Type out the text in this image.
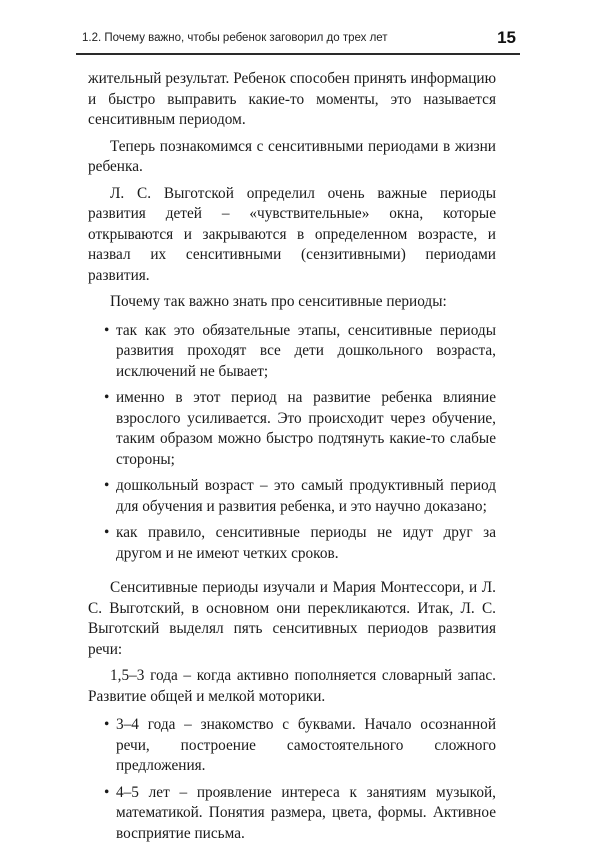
1.2. Почему важно, чтобы ребенок заговорил до трех лет	15

жительный результат. Ребенок способен принять информацию и быстро выправить какие-то моменты, это называется сенситивным периодом.

Теперь познакомимся с сенситивными периодами в жизни ребенка.

Л. С. Выготской определил очень важные периоды развития детей – «чувствительные» окна, которые открываются и закрываются в определенном возрасте, и назвал их сенситивными (сензитивными) периодами развития.

Почему так важно знать про сенситивные периоды:

• так как это обязательные этапы, сенситивные периоды развития проходят все дети дошкольного возраста, исключений не бывает;
• именно в этот период на развитие ребенка влияние взрослого усиливается. Это происходит через обучение, таким образом можно быстро подтянуть какие-то слабые стороны;
• дошкольный возраст – это самый продуктивный период для обучения и развития ребенка, и это научно доказано;
• как правило, сенситивные периоды не идут друг за другом и не имеют четких сроков.

Сенситивные периоды изучали и Мария Монтессори, и Л. С. Выготский, в основном они перекликаются. Итак, Л. С. Выготский выделял пять сенситивных периодов развития речи:

1,5–3 года – когда активно пополняется словарный запас. Развитие общей и мелкой моторики.

• 3–4 года – знакомство с буквами. Начало осознанной речи, построение самостоятельного сложного предложения.
• 4–5 лет – проявление интереса к занятиям музыкой, математикой. Понятия размера, цвета, формы. Активное восприятие письма.
